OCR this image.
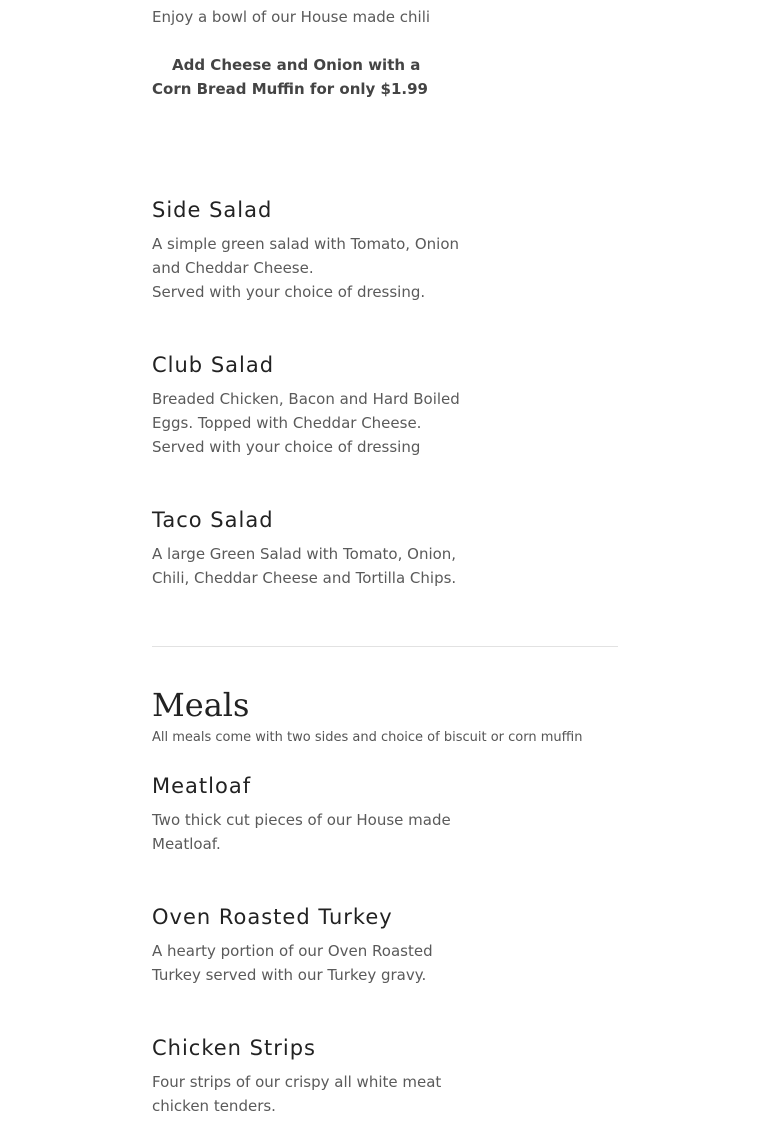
Enjoy a bowl of our House made chili

Add Cheese and Onion with a Corn Bread Muffin for only $1.99

Side Salad

A simple green salad with Tomato, Onion and Cheddar Cheese.

Served with your choice of dressing.

Club Salad

Breaded Chicken, Bacon and Hard Boiled Eggs. Topped with Cheddar Cheese.

Served with your choice of dressing

Taco Salad

A large Green Salad with Tomato, Onion, Chili, Cheddar Cheese and Tortilla Chips.

Meals

All meals come with two sides and choice of biscuit or corn muffin

Meatloaf

Two thick cut pieces of our House made Meatloaf.

Oven Roasted Turkey

A hearty portion of our Oven Roasted Turkey served with our Turkey gravy.

Chicken Strips

Four strips of our crispy all white meat chicken tenders.
